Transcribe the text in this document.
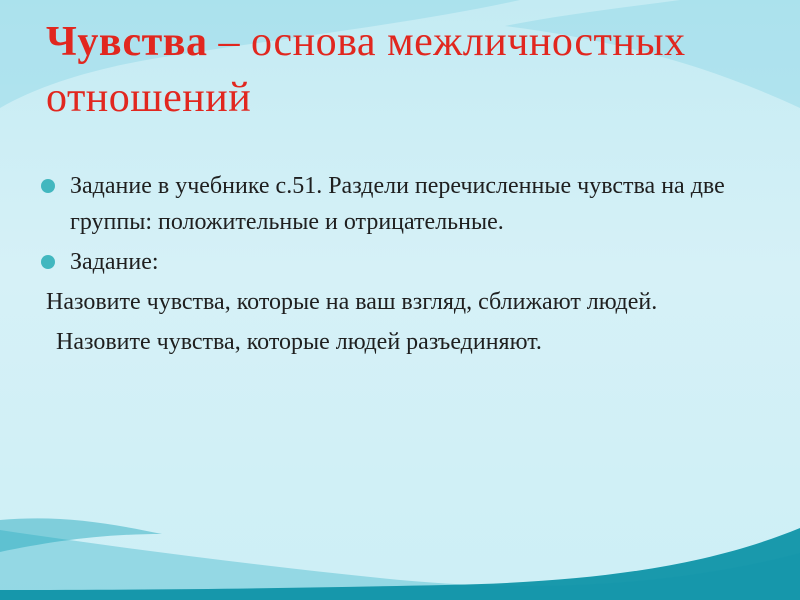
Чувства – основа межличностных отношений
Задание в учебнике с.51. Раздели перечисленные чувства на две группы: положительные и отрицательные.
Задание:
Назовите чувства, которые на ваш взгляд, сближают людей.
Назовите чувства, которые людей разъединяют.
